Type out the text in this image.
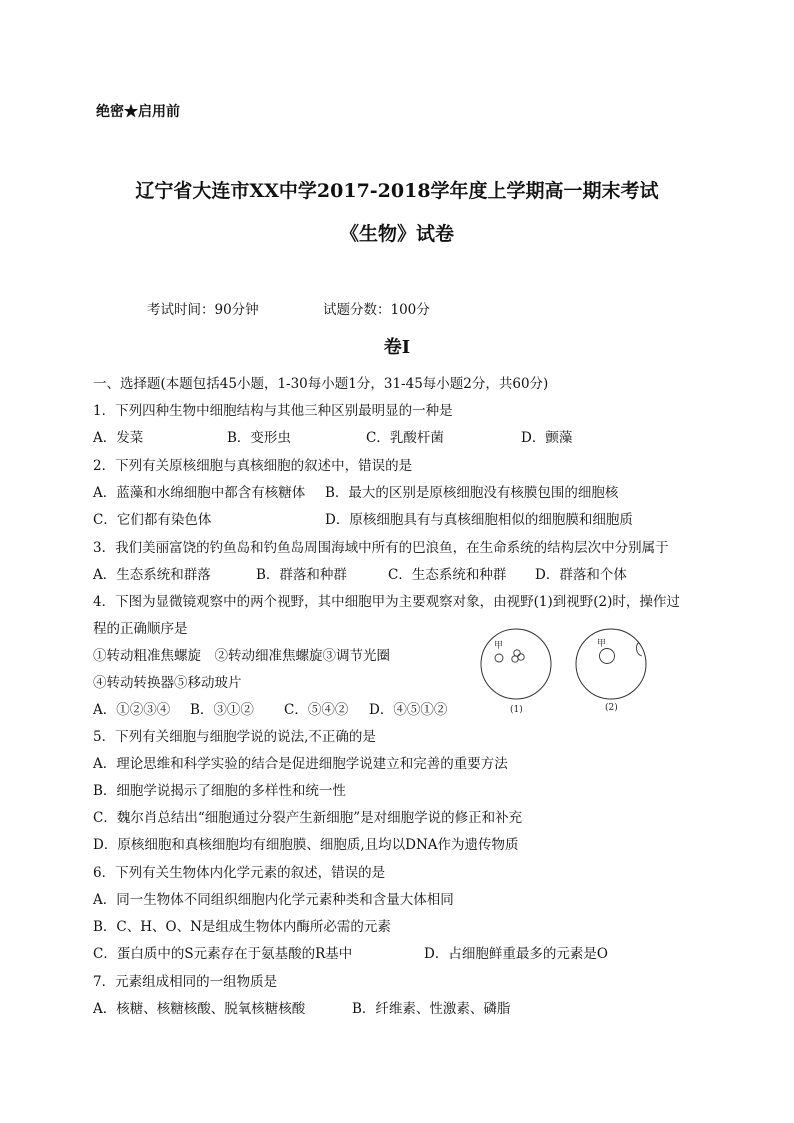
绝密★启用前
辽宁省大连市XX中学2017-2018学年度上学期高一期末考试
《生物》试卷
考试时间：90分钟	试题分数：100分
卷Ⅰ
一、选择题(本题包括45小题，1-30每小题1分，31-45每小题2分，共60分)
1．下列四种生物中细胞结构与其他三种区别最明显的一种是
A．发菜	B．变形虫	C．乳酸杆菌	D．颤藻
2．下列有关原核细胞与真核细胞的叙述中，错误的是
A．蓝藻和水绵细胞中都含有核糖体 B．最大的区别是原核细胞没有核膜包围的细胞核
C．它们都有染色体	D．原核细胞具有与真核细胞相似的细胞膜和细胞质
3．我们美丽富饶的钓鱼岛和钓鱼岛周围海域中所有的巴浪鱼，在生命系统的结构层次中分别属于
A．生态系统和群落	B．群落和种群	C．生态系统和种群 D．群落和个体
4．下图为显微镜观察中的两个视野，其中细胞甲为主要观察对象，由视野(1)到视野(2)时，操作过
程的正确顺序是
①转动粗准焦螺旋　②转动细准焦螺旋③调节光圈
④转动转换器⑤移动玻片
A．①②③④ B．③①② C．⑤④② D．④⑤①②
甲
(1)
甲
(2)
5．下列有关细胞与细胞学说的说法,不正确的是
A．理论思维和科学实验的结合是促进细胞学说建立和完善的重要方法
B．细胞学说揭示了细胞的多样性和统一性
C．魏尔肖总结出“细胞通过分裂产生新细胞”是对细胞学说的修正和补充
D．原核细胞和真核细胞均有细胞膜、细胞质,且均以DNA作为遗传物质
6．下列有关生物体内化学元素的叙述，错误的是
A．同一生物体不同组织细胞内化学元素种类和含量大体相同
B．C、H、O、N是组成生物体内酶所必需的元素
C．蛋白质中的S元素存在于氨基酸的R基中	D．占细胞鲜重最多的元素是O
7．元素组成相同的一组物质是
A．核糖、核糖核酸、脱氧核糖核酸	B．纤维素、性激素、磷脂
